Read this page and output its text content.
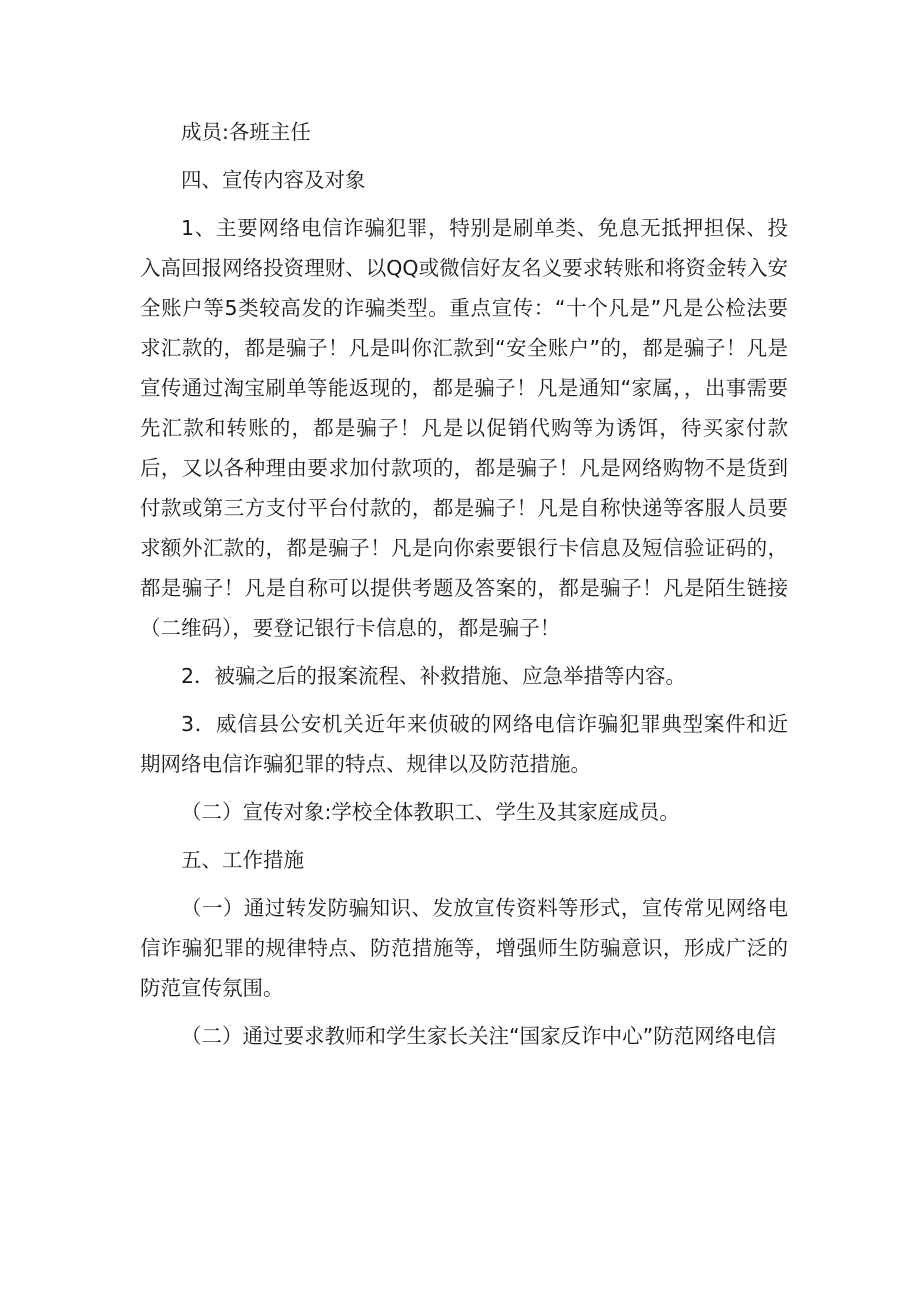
成员:各班主任

四、宣传内容及对象

1、主要网络电信诈骗犯罪，特别是刷单类、免息无抵押担保、投入高回报网络投资理财、以QQ或微信好友名义要求转账和将资金转入安全账户等5类较高发的诈骗类型。重点宣传：“十个凡是”凡是公检法要求汇款的，都是骗子！凡是叫你汇款到“安全账户”的，都是骗子！凡是宣传通过淘宝刷单等能返现的，都是骗子！凡是通知“家属，，出事需要先汇款和转账的，都是骗子！凡是以促销代购等为诱饵，待买家付款后，又以各种理由要求加付款项的，都是骗子！凡是网络购物不是货到付款或第三方支付平台付款的，都是骗子！凡是自称快递等客服人员要求额外汇款的，都是骗子！凡是向你索要银行卡信息及短信验证码的，都是骗子！凡是自称可以提供考题及答案的，都是骗子！凡是陌生链接（二维码），要登记银行卡信息的，都是骗子！

2．被骗之后的报案流程、补救措施、应急举措等内容。

3．威信县公安机关近年来侦破的网络电信诈骗犯罪典型案件和近期网络电信诈骗犯罪的特点、规律以及防范措施。

（二）宣传对象:学校全体教职工、学生及其家庭成员。

五、工作措施

（一）通过转发防骗知识、发放宣传资料等形式，宣传常见网络电信诈骗犯罪的规律特点、防范措施等，增强师生防骗意识，形成广泛的防范宣传氛围。

（二）通过要求教师和学生家长关注“国家反诈中心”防范网络电信
